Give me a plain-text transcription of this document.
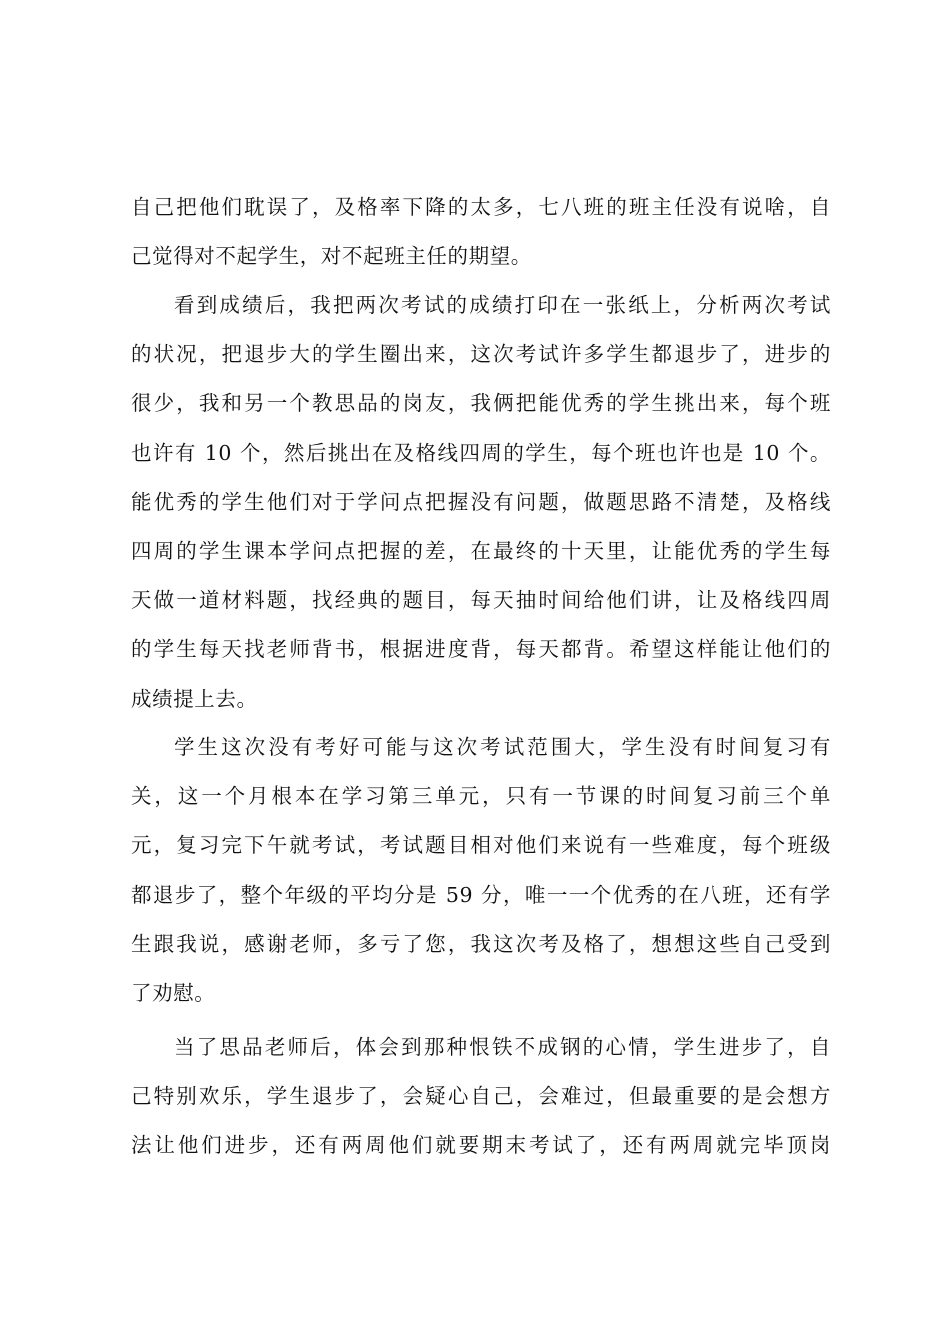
自己把他们耽误了，及格率下降的太多，七八班的班主任没有说啥，自
己觉得对不起学生，对不起班主任的期望。
看到成绩后，我把两次考试的成绩打印在一张纸上，分析两次考试
的状况，把退步大的学生圈出来，这次考试许多学生都退步了，进步的
很少，我和另一个教思品的岗友，我俩把能优秀的学生挑出来，每个班
也许有 10 个，然后挑出在及格线四周的学生，每个班也许也是 10 个。
能优秀的学生他们对于学问点把握没有问题，做题思路不清楚，及格线
四周的学生课本学问点把握的差，在最终的十天里，让能优秀的学生每
天做一道材料题，找经典的题目，每天抽时间给他们讲，让及格线四周
的学生每天找老师背书，根据进度背，每天都背。希望这样能让他们的
成绩提上去。
学生这次没有考好可能与这次考试范围大，学生没有时间复习有
关，这一个月根本在学习第三单元，只有一节课的时间复习前三个单
元，复习完下午就考试，考试题目相对他们来说有一些难度，每个班级
都退步了，整个年级的平均分是 59 分，唯一一个优秀的在八班，还有学
生跟我说，感谢老师，多亏了您，我这次考及格了，想想这些自己受到
了劝慰。
当了思品老师后，体会到那种恨铁不成钢的心情，学生进步了，自
己特别欢乐，学生退步了，会疑心自己，会难过，但最重要的是会想方
法让他们进步，还有两周他们就要期末考试了，还有两周就完毕顶岗
